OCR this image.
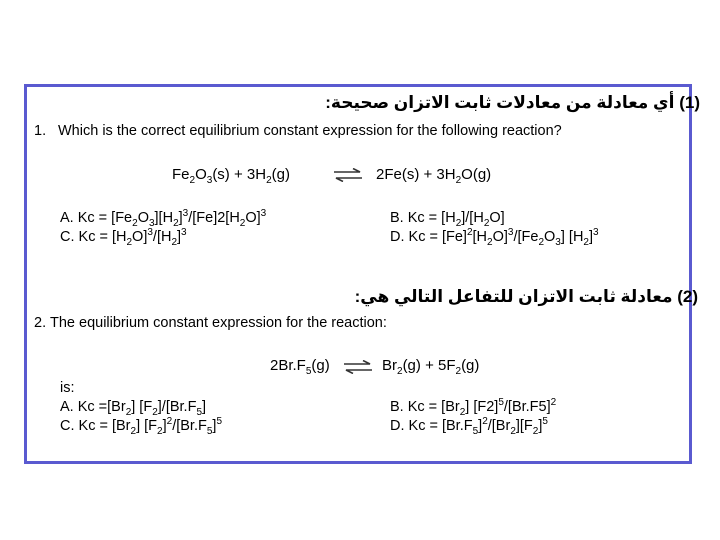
(1) أي معادلة من معادلات ثابت الاتزان صحيحة:
1. Which is the correct equilibrium constant expression for the following reaction?
$Fe_2O_3(s) + 3H_2(g)$	⇌ $2Fe(s) + 3H_2O(g)$
A. $Kc = [Fe_2O_3][H_2]^3/[Fe]2[H_2O]^3$
C. $Kc = [H_2O]^3/[H_2]^3$
B. $Kc = [H_2]/[H_2O]$
D. $Kc = [Fe]^2[H_2O]^3/[Fe_2O_3]$ $[H_2]^3$
(2) معادلة ثابت الاتزان للتفاعل التالي هي:
2. The equilibrium constant expression for the reaction:
$2Br.F_5(g)$ ⇌ $Br_2(g) + 5F_2(g)$
is:
A. $Kc =[Br_2]$ $[F_2]/[Br.F_5]$
C. $Kc = [Br_2]$ $[F_2]^2/[Br.F_5]^5$
B. $Kc = [Br_2]$ $[F2]^5/[Br.F5]^2$
D. $Kc = [Br.F_5]^2/[Br_2][F_2]^5$
